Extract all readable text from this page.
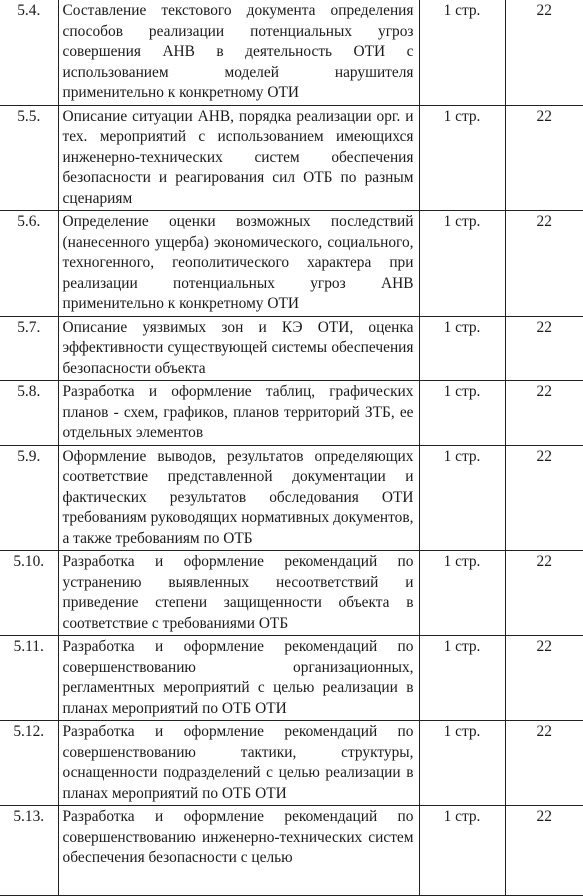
5.4.	Составление текстового документа определения способов реализации потенциальных угроз совершения АНВ в деятельность ОТИ с использованием моделей нарушителя применительно к конкретному ОТИ	1 стр.	22

5.5.	Описание ситуации АНВ, порядка реализации орг. и тех. мероприятий с использованием имеющихся инженерно-технических систем обеспечения безопасности и реагирования сил ОТБ по разным сценариям	1 стр.	22

5.6.	Определение оценки возможных последствий (нанесенного ущерба) экономического, социального, техногенного, геополитического характера при реализации потенциальных угроз АНВ применительно к конкретному ОТИ	1 стр.	22

5.7.	Описание уязвимых зон и КЭ ОТИ, оценка эффективности существующей системы обеспечения безопасности объекта	1 стр.	22

5.8.	Разработка и оформление таблиц, графических планов - схем, графиков, планов территорий ЗТБ, ее отдельных элементов	1 стр.	22

5.9.	Оформление выводов, результатов определяющих соответствие представленной документации и фактических результатов обследования ОТИ требованиям руководящих нормативных документов, а также требованиям по ОТБ	1 стр.	22

5.10.	Разработка и оформление рекомендаций по устранению выявленных несоответствий и приведение степени защищенности объекта в соответствие с требованиями ОТБ	1 стр.	22

5.11.	Разработка и оформление рекомендаций по совершенствованию организационных, регламентных мероприятий с целью реализации в планах мероприятий по ОТБ ОТИ	1 стр.	22

5.12.	Разработка и оформление рекомендаций по совершенствованию тактики, структуры, оснащенности подразделений с целью реализации в планах мероприятий по ОТБ ОТИ	1 стр.	22

5.13.	Разработка и оформление рекомендаций по совершенствованию инженерно-технических систем обеспечения безопасности с целью	1 стр.	22
